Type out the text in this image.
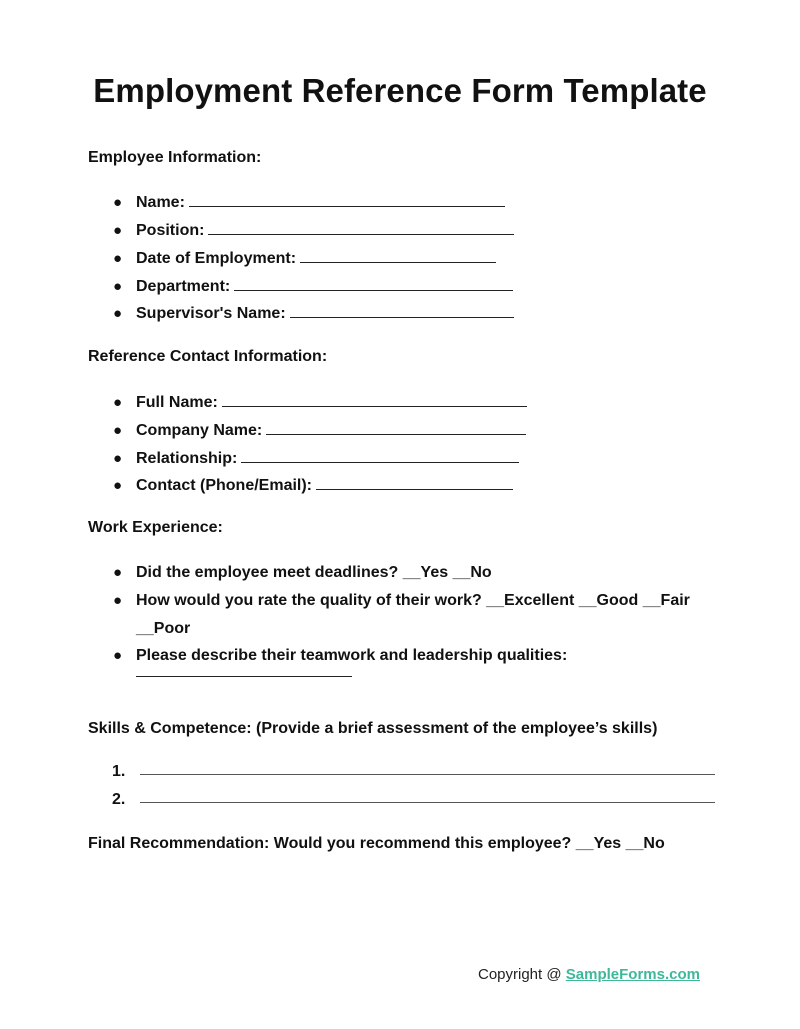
Employment Reference Form Template
Employee Information:
● Name:
● Position:
● Date of Employment:
● Department:
● Supervisor's Name:
Reference Contact Information:
● Full Name:
● Company Name:
● Relationship:
● Contact (Phone/Email):
Work Experience:
● Did the employee meet deadlines? __Yes __No
● How would you rate the quality of their work? __Excellent __Good __Fair
__Poor
● Please describe their teamwork and leadership qualities:
Skills & Competence: (Provide a brief assessment of the employee’s skills)
1.
2.
Final Recommendation: Would you recommend this employee? __Yes __No
Copyright @ SampleForms.com
